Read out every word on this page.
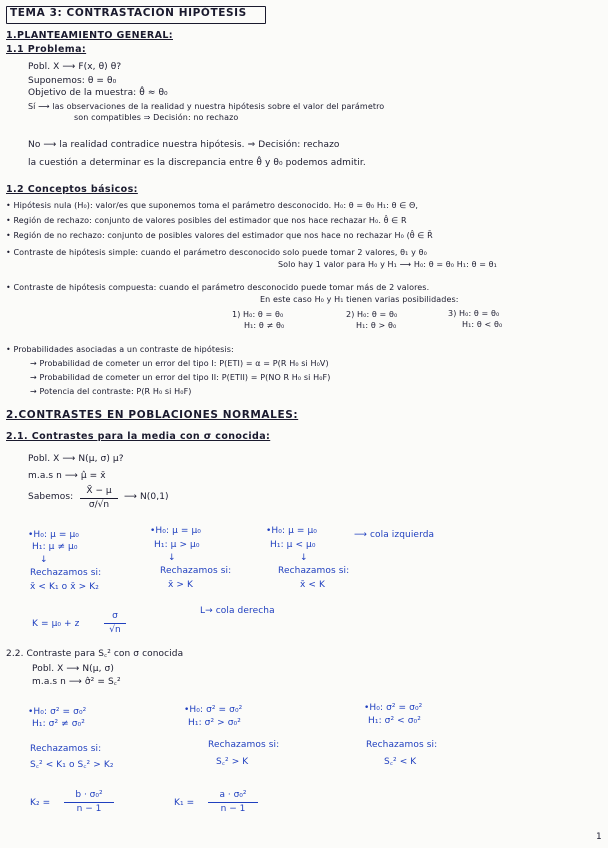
TEMA 3: CONTRASTACIÓN HIPÓTESIS
1.PLANTEAMIENTO GENERAL:
1.1 Problema:
Pobl. X ⟶ F(x, θ) θ?
Suponemos: θ = θ₀
Objetivo de la muestra: θ̂ ≈ θ₀
Sí ⟶ las observaciones de la realidad y nuestra hipótesis sobre el valor del parámetro
son compatibles ⇒ Decisión: no rechazo
No ⟶ la realidad contradice nuestra hipótesis. ⇒ Decisión: rechazo
la cuestión a determinar es la discrepancia entre θ̂ y θ₀ podemos admitir.
1.2 Conceptos básicos:
• Hipótesis nula (H₀): valor/es que suponemos toma el parámetro desconocido. H₀: θ = θ₀ H₁: θ ∈ Θ,
• Región de rechazo: conjunto de valores posibles del estimador que nos hace rechazar H₀. θ̂ ∈ R
• Región de no rechazo: conjunto de posibles valores del estimador que nos hace no rechazar H₀ (θ̂ ∈ R̄
• Contraste de hipótesis simple: cuando el parámetro desconocido solo puede tomar 2 valores, θ₁ y θ₀
Solo hay 1 valor para H₀ y H₁ ⟶ H₀: θ = θ₀ H₁: θ = θ₁
• Contraste de hipótesis compuesta: cuando el parámetro desconocido puede tomar más de 2 valores.
En este caso H₀ y H₁ tienen varias posibilidades:
1) H₀: θ = θ₀
H₁: θ ≠ θ₀
2) H₀: θ = θ₀
H₁: θ > θ₀
3) H₀: θ = θ₀
H₁: θ < θ₀
• Probabilidades asociadas a un contraste de hipótesis:
→ Probabilidad de cometer un error del tipo I: P(ETI) = α = P(R H₀ si H₀V)
→ Probabilidad de cometer un error del tipo II: P(ETII) = P(NO R H₀ si H₀F)
→ Potencia del contraste: P(R H₀ si H₀F)
2.CONTRASTES EN POBLACIONES NORMALES:
2.1. Contrastes para la media con σ conocida:
Pobl. X ⟶ N(μ, σ) μ?
m.a.s n ⟶ μ̂ = x̄
Sabemos:
X̄ − μ
σ/√n
⟶ N(0,1)
•H₀: μ = μ₀
H₁: μ ≠ μ₀
•H₀: μ = μ₀
H₁: μ > μ₀
•H₀: μ = μ₀
H₁: μ < μ₀
⟶ cola izquierda
↓	↓	↓
Rechazamos si:	Rechazamos si:	Rechazamos si:
x̄ < K₁ o x̄ > K₂	x̄ > K	x̄ < K
L→ cola derecha
K = μ₀ + z
σ
√n
2.2. Contraste para S꜀² con σ conocida
Pobl. X ⟶ N(μ, σ)
m.a.s n ⟶ σ̂² = S꜀²
•H₀: σ² = σ₀²
H₁: σ² ≠ σ₀²
•H₀: σ² = σ₀²
H₁: σ² > σ₀²
•H₀: σ² = σ₀²
H₁: σ² < σ₀²
Rechazamos si:	Rechazamos si:	Rechazamos si:
S꜀² < K₁ o S꜀² > K₂	S꜀² > K	S꜀² < K
K₂ =
b · σ₀²
n − 1
K₁ =
a · σ₀²
n − 1
1
